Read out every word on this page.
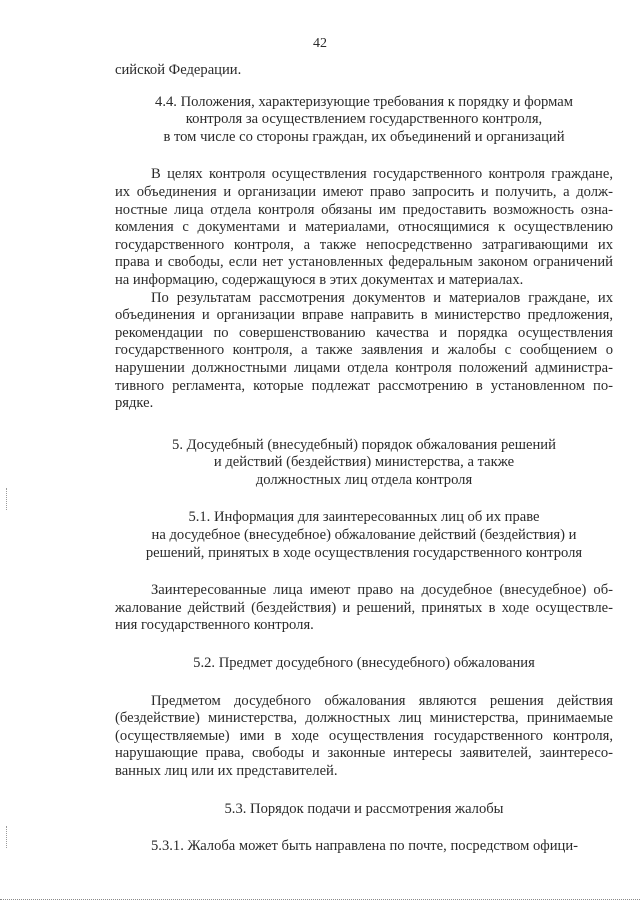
42

сийской Федерации.

4.4. Положения, характеризующие требования к порядку и формам

контроля за осуществлением государственного контроля,

в том числе со стороны граждан, их объединений и организаций

В целях контроля осуществления государственного контроля граждане, их объединения и организации имеют право запросить и получить, а долж-ностные лица отдела контроля обязаны им предоставить возможность озна-комления с документами и материалами, относящимися к осуществлению государственного контроля, а также непосредственно затрагивающими их права и свободы, если нет установленных федеральным законом ограничений на информацию, содержащуюся в этих документах и материалах.

По результатам рассмотрения документов и материалов граждане, их объединения и организации вправе направить в министерство предложения, рекомендации по совершенствованию качества и порядка осуществления государственного контроля, а также заявления и жалобы с сообщением о нарушении должностными лицами отдела контроля положений администра-тивного регламента, которые подлежат рассмотрению в установленном по-рядке.

5. Досудебный (внесудебный) порядок обжалования решений

и действий (бездействия) министерства, а также

должностных лиц отдела контроля

5.1. Информация для заинтересованных лиц об их праве

на досудебное (внесудебное) обжалование действий (бездействия) и

решений, принятых в ходе осуществления государственного контроля

Заинтересованные лица имеют право на досудебное (внесудебное) об-жалование действий (бездействия) и решений, принятых в ходе осуществле-ния государственного контроля.

5.2. Предмет досудебного (внесудебного) обжалования

Предметом досудебного обжалования являются решения действия (бездействие) министерства, должностных лиц министерства, принимаемые (осуществляемые) ими в ходе осуществления государственного контроля, нарушающие права, свободы и законные интересы заявителей, заинтересо-ванных лиц или их представителей.

5.3. Порядок подачи и рассмотрения жалобы

5.3.1. Жалоба может быть направлена по почте, посредством офици-
